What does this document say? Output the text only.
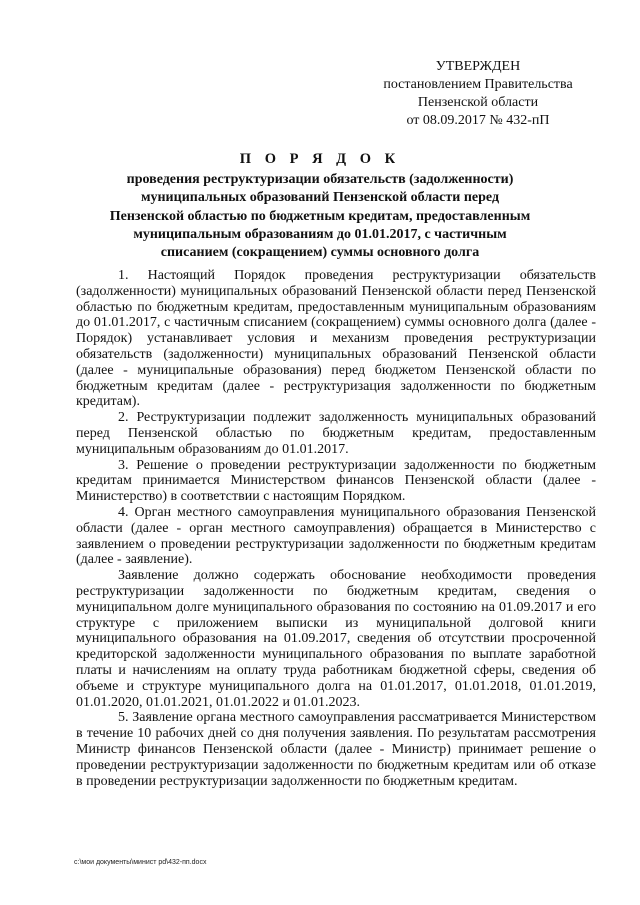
УТВЕРЖДЕН
постановлением Правительства
Пензенской области
от 08.09.2017 № 432-пП
П О Р Я Д О К
проведения реструктуризации обязательств (задолженности)
муниципальных образований Пензенской области перед
Пензенской областью по бюджетным кредитам, предоставленным
муниципальным образованиям до 01.01.2017, с частичным
списанием (сокращением) суммы основного долга

1. Настоящий Порядок проведения реструктуризации обязательств (задолженности) муниципальных образований Пензенской области перед Пензенской областью по бюджетным кредитам, предоставленным муниципальным образованиям до 01.01.2017, с частичным списанием (сокращением) суммы основного долга (далее - Порядок) устанавливает условия и механизм проведения реструктуризации обязательств (задолженности) муниципальных образований Пензенской области (далее - муниципальные образования) перед бюджетом Пензенской области по бюджетным кредитам (далее - реструктуризация задолженности по бюджетным кредитам).

2. Реструктуризации подлежит задолженность муниципальных образований перед Пензенской областью по бюджетным кредитам, предоставленным муниципальным образованиям до 01.01.2017.

3. Решение о проведении реструктуризации задолженности по бюджетным кредитам принимается Министерством финансов Пензенской области (далее - Министерство) в соответствии с настоящим Порядком.

4. Орган местного самоуправления муниципального образования Пензенской области (далее - орган местного самоуправления) обращается в Министерство с заявлением о проведении реструктуризации задолженности по бюджетным кредитам (далее - заявление).

Заявление должно содержать обоснование необходимости проведения реструктуризации задолженности по бюджетным кредитам, сведения о муниципальном долге муниципального образования по состоянию на 01.09.2017 и его структуре с приложением выписки из муниципальной долговой книги муниципального образования на 01.09.2017, сведения об отсутствии просроченной кредиторской задолженности муниципального образования по выплате заработной платы и начислениям на оплату труда работникам бюджетной сферы, сведения об объеме и структуре муниципального долга на 01.01.2017, 01.01.2018, 01.01.2019, 01.01.2020, 01.01.2021, 01.01.2022 и 01.01.2023.

5. Заявление органа местного самоуправления рассматривается Министерством в течение 10 рабочих дней со дня получения заявления. По результатам рассмотрения Министр финансов Пензенской области (далее - Министр) принимает решение о проведении реструктуризации задолженности по бюджетным кредитам или об отказе в проведении реструктуризации задолженности по бюджетным кредитам.

c:\мои документы\минист pd\432-пп.docx
